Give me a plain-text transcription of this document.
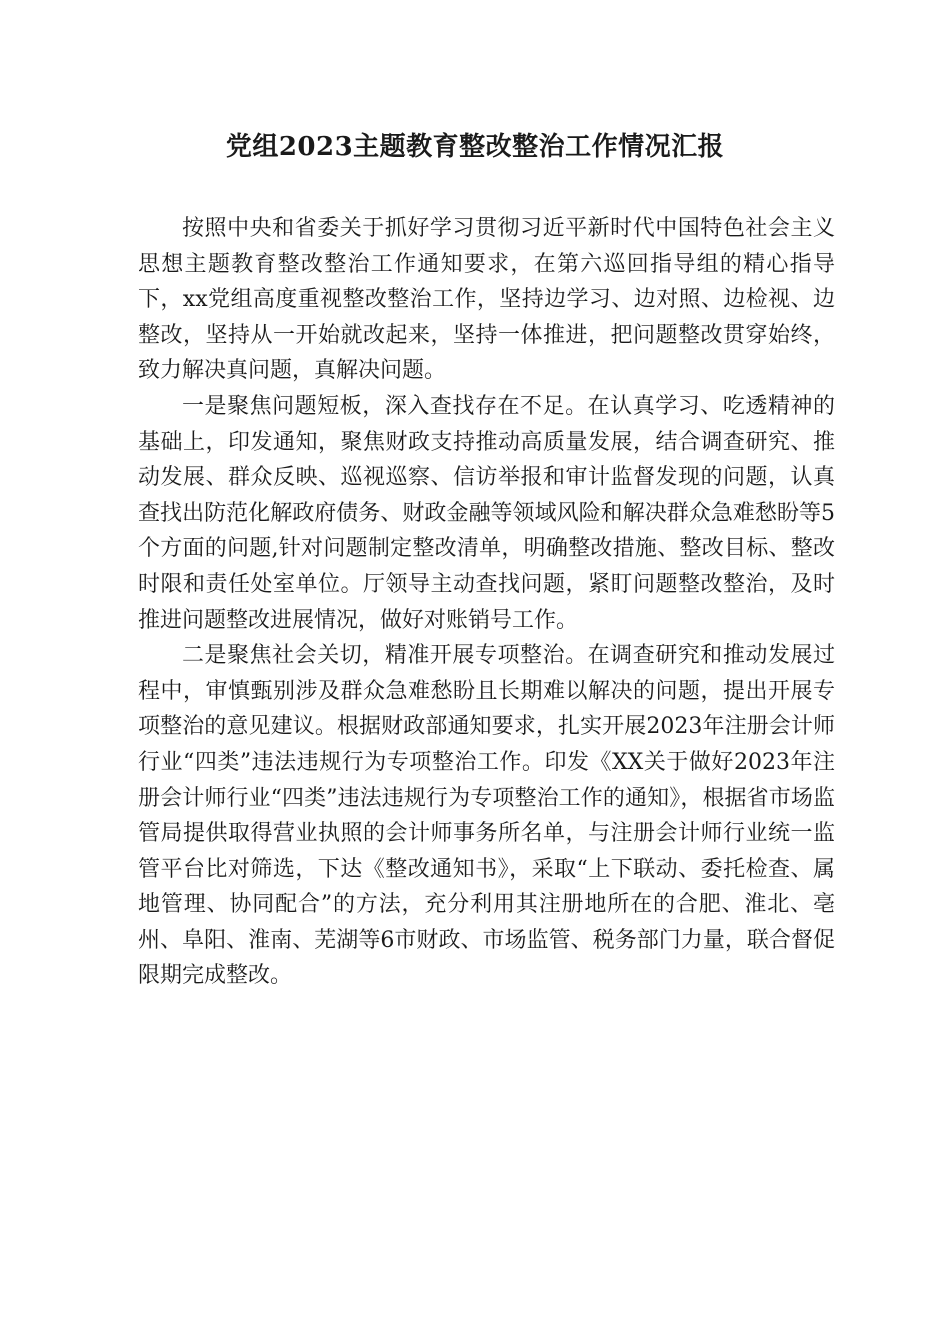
党组2023主题教育整改整治工作情况汇报

按照中央和省委关于抓好学习贯彻习近平新时代中国特色社会主义思想主题教育整改整治工作通知要求，在第六巡回指导组的精心指导下，xx党组高度重视整改整治工作，坚持边学习、边对照、边检视、边整改，坚持从一开始就改起来，坚持一体推进，把问题整改贯穿始终，致力解决真问题，真解决问题。

一是聚焦问题短板，深入查找存在不足。在认真学习、吃透精神的基础上，印发通知，聚焦财政支持推动高质量发展，结合调查研究、推动发展、群众反映、巡视巡察、信访举报和审计监督发现的问题，认真查找出防范化解政府债务、财政金融等领域风险和解决群众急难愁盼等5个方面的问题,针对问题制定整改清单，明确整改措施、整改目标、整改时限和责任处室单位。厅领导主动查找问题，紧盯问题整改整治，及时推进问题整改进展情况，做好对账销号工作。

二是聚焦社会关切，精准开展专项整治。在调查研究和推动发展过程中，审慎甄别涉及群众急难愁盼且长期难以解决的问题，提出开展专项整治的意见建议。根据财政部通知要求，扎实开展2023年注册会计师行业“四类”违法违规行为专项整治工作。印发《XX关于做好2023年注册会计师行业“四类”违法违规行为专项整治工作的通知》，根据省市场监管局提供取得营业执照的会计师事务所名单，与注册会计师行业统一监管平台比对筛选，下达《整改通知书》，采取“上下联动、委托检查、属地管理、协同配合”的方法，充分利用其注册地所在的合肥、淮北、亳州、阜阳、淮南、芜湖等6市财政、市场监管、税务部门力量，联合督促限期完成整改。
